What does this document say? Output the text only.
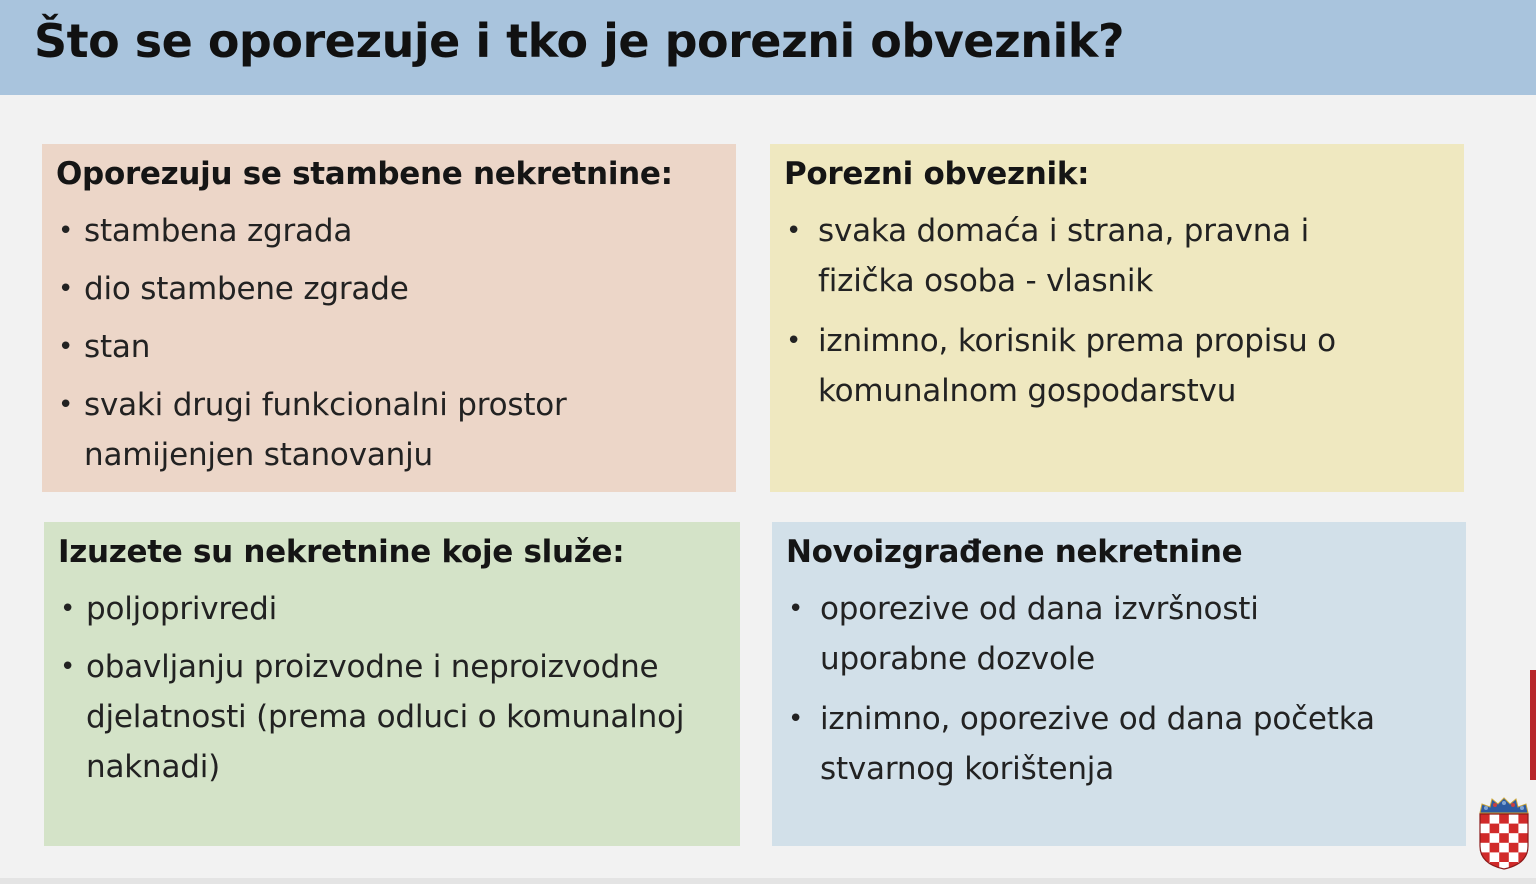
Što se oporezuje i tko je porezni obveznik?
Oporezuju se stambene nekretnine:
• stambena zgrada
• dio stambene zgrade
• stan
• svaki drugi funkcionalni prostor namijenjen stanovanju
Porezni obveznik:
• svaka domaća i strana, pravna i fizička osoba - vlasnik
• iznimno, korisnik prema propisu o komunalnom gospodarstvu
Izuzete su nekretnine koje služe:
• poljoprivredi
• obavljanju proizvodne i neproizvodne djelatnosti (prema odluci o komunalnoj naknadi)
Novoizgrađene nekretnine
• oporezive od dana izvršnosti uporabne dozvole
• iznimno, oporezive od dana početka stvarnog korištenja
